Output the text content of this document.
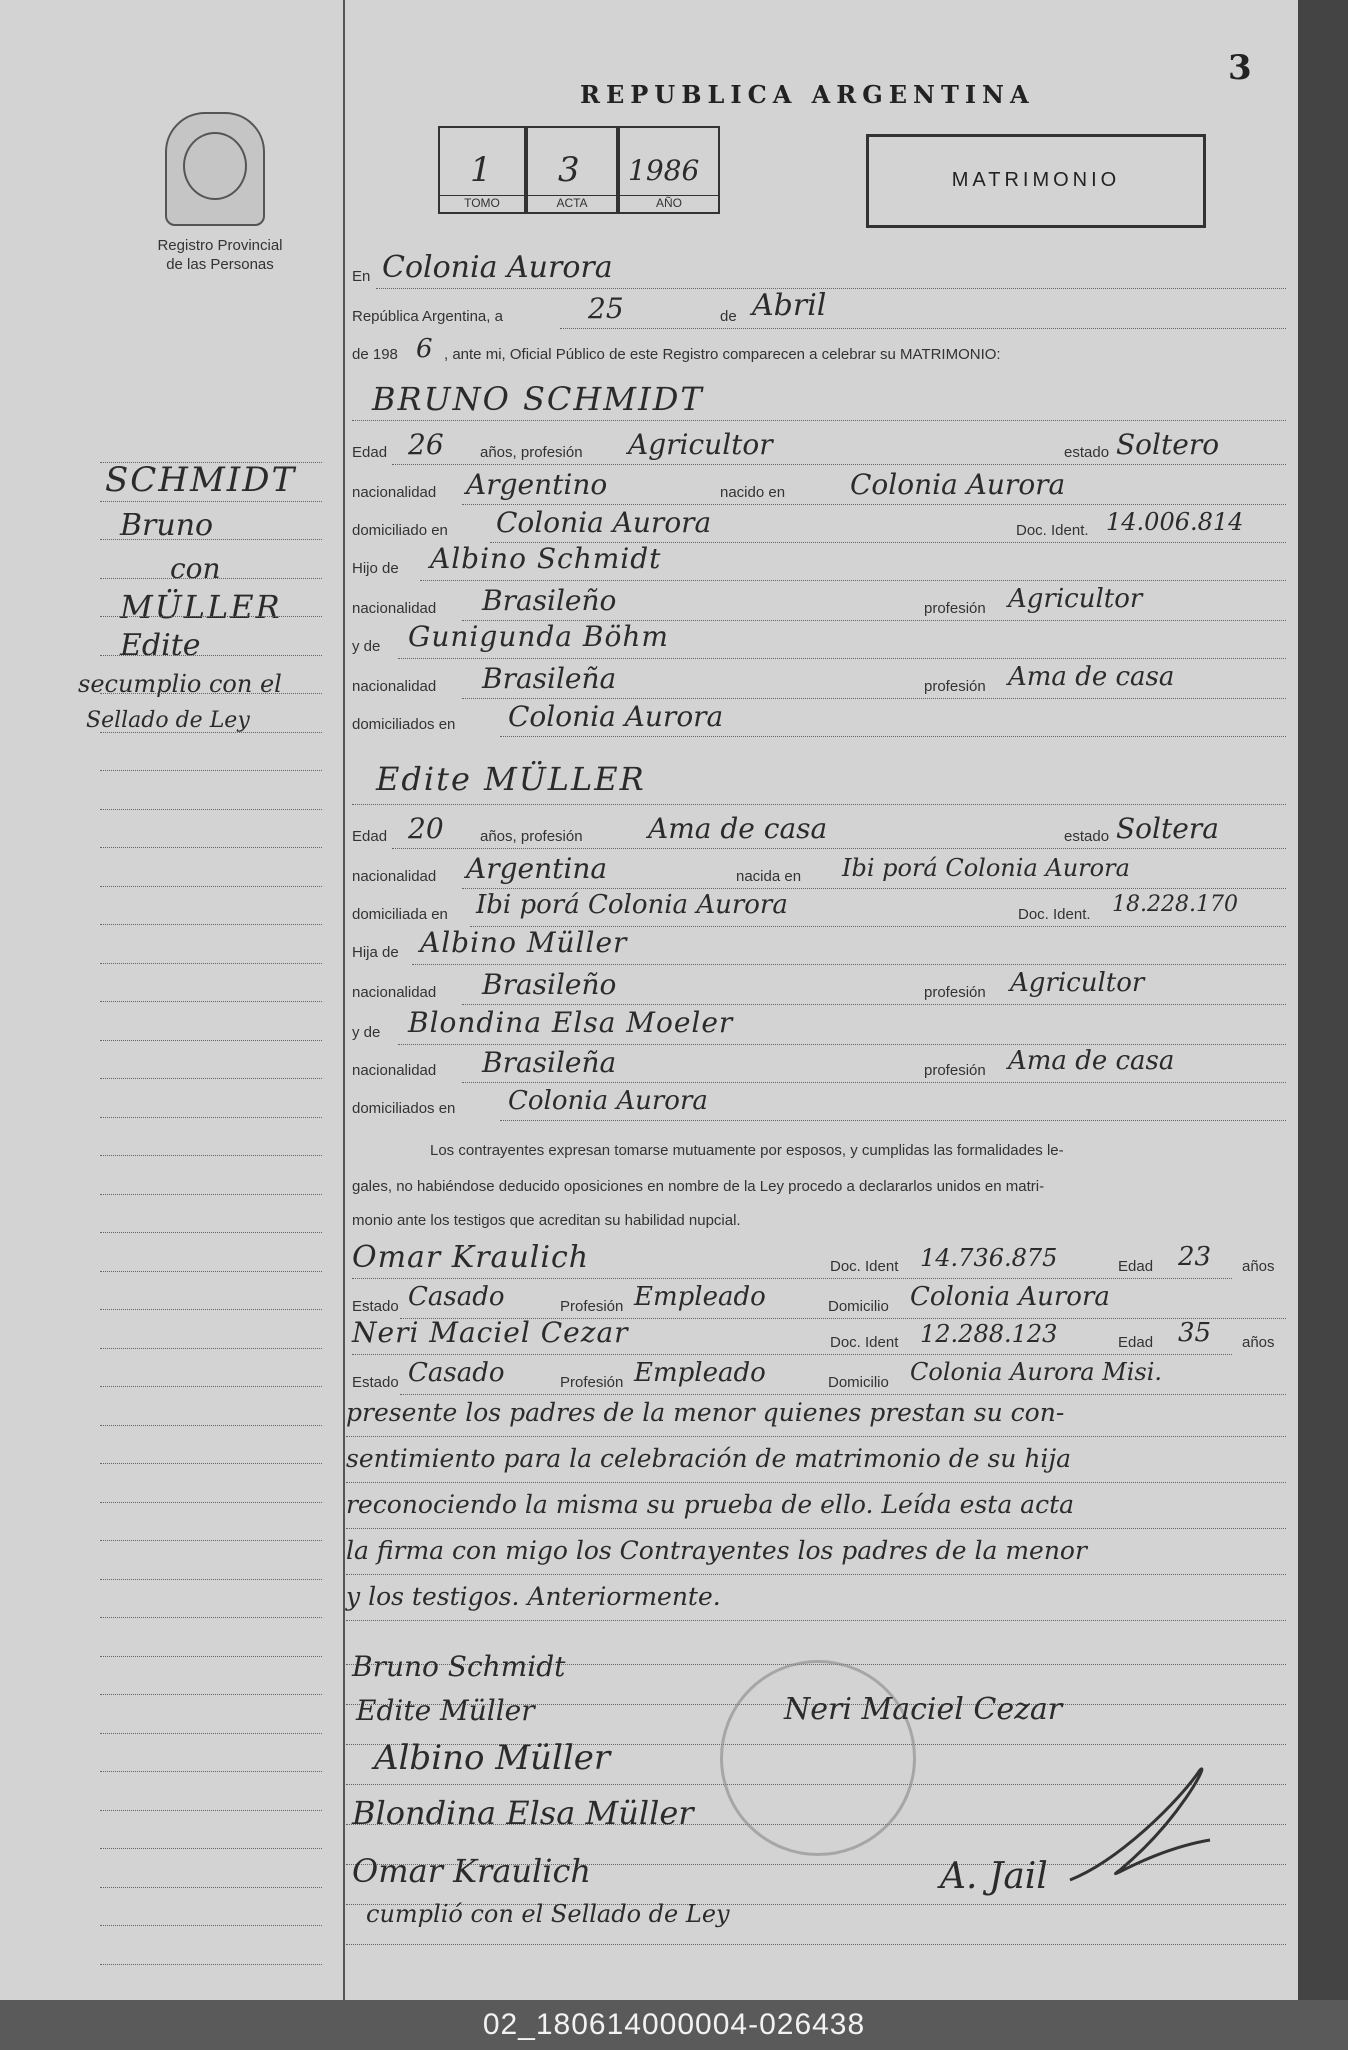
Registro Provincial
de las Personas
SCHMIDT
Bruno
con
MÜLLER
Edite
secumplio con el
Sellado de Ley
3
REPUBLICA ARGENTINA
1
TOMO
3
ACTA
1986
AÑO
MATRIMONIO
En Colonia Aurora
República Argentina, a	25	de Abril
de 198 6 , ante mi, Oficial Público de este Registro comparecen a celebrar su MATRIMONIO:
BRUNO SCHMIDT
Edad 26 años, profesión Agricultor	estado Soltero
nacionalidad Argentino	nacido en Colonia Aurora
domiciliado en Colonia Aurora	Doc. Ident. 14.006.814
Hijo de Albino Schmidt
nacionalidad Brasileño	profesión Agricultor
y de Gunigunda Böhm
nacionalidad Brasileña	profesión Ama de casa
domiciliados en Colonia Aurora
Edite MÜLLER
Edad 20 años, profesión Ama de casa	estado Soltera
nacionalidad Argentina	nacida en Ibi porá Colonia Aurora
domiciliada en Ibi porá Colonia Aurora	Doc. Ident. 18.228.170
Hija de Albino Müller
nacionalidad Brasileño	profesión Agricultor
y de Blondina Elsa Moeler
nacionalidad Brasileña	profesión Ama de casa
domiciliados en Colonia Aurora
Los contrayentes expresan tomarse mutuamente por esposos, y cumplidas las formalidades le-
gales, no habiéndose deducido oposiciones en nombre de la Ley procedo a declararlos unidos en matri-
monio ante los testigos que acreditan su habilidad nupcial.
Omar Kraulich	Doc. Ident 14.736.875	Edad 23 años
Estado Casado	Profesión Empleado	Domicilio Colonia Aurora
Neri Maciel Cezar	Doc. Ident 12.288.123	Edad 35 años
Estado Casado	Profesión Empleado	Domicilio Colonia Aurora Misi.
presente los padres de la menor quienes prestan su con-
sentimiento para la celebración de matrimonio de su hija
reconociendo la misma su prueba de ello. Leída esta acta
la firma con migo los Contrayentes los padres de la menor
y los testigos. Anteriormente.
Bruno Schmidt
Edite Müller	Neri Maciel Cezar
Albino Müller
Blondina Elsa Müller
Omar Kraulich
cumplió con el Sellado de Ley
A. Jail
02_180614000004-026438
